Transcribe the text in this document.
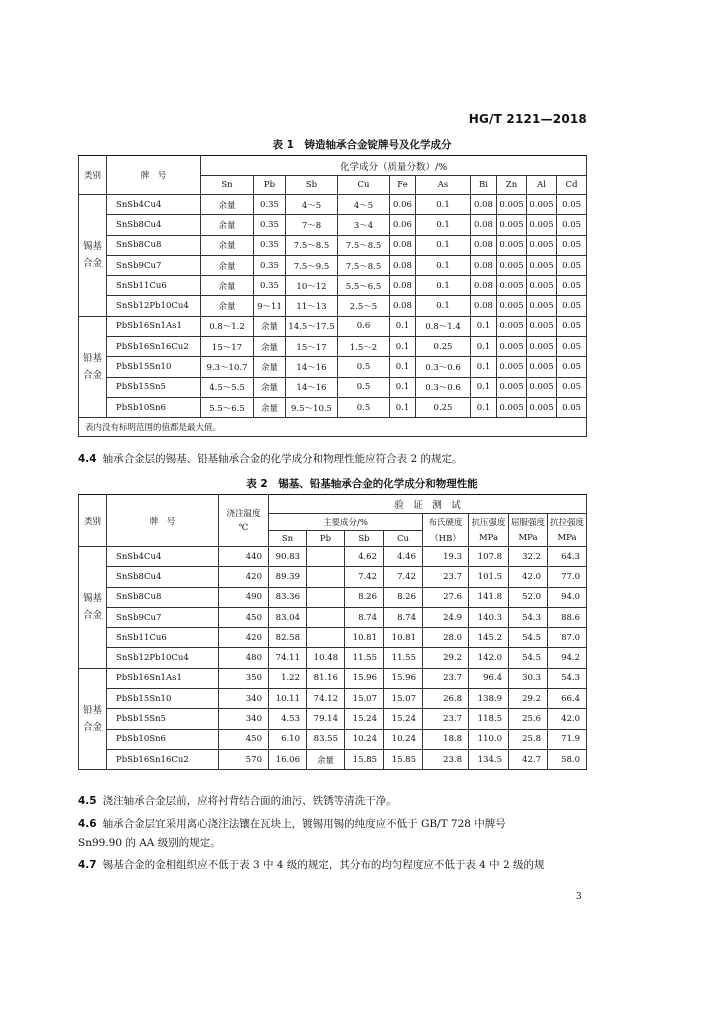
HG/T 2121—2018
表 1　铸造轴承合金锭牌号及化学成分
类别	牌　号	化学成分（质量分数）/%									
		Sn	Pb	Sb	Cu	Fe	As	Bi	Zn	Al	Cd
锡基
合金	SnSb4Cu4	余量	0.35	4～5	4～5	0.06	0.1	0.08	0.005	0.005	0.05
	SnSb8Cu4	余量	0.35	7～8	3～4	0.06	0.1	0.08	0.005	0.005	0.05
	SnSb8Cu8	余量	0.35	7.5～8.5	7.5～8.5	0.08	0.1	0.08	0.005	0.005	0.05
	SnSb9Cu7	余量	0.35	7.5～9.5	7.5～8.5	0.08	0.1	0.08	0.005	0.005	0.05
	SnSb11Cu6	余量	0.35	10～12	5.5～6.5	0.08	0.1	0.08	0.005	0.005	0.05
	SnSb12Pb10Cu4	余量	9～11	11～13	2.5～5	0.08	0.1	0.08	0.005	0.005	0.05
铅基
合金	PbSb16Sn1As1	0.8～1.2	余量	14.5～17.5	0.6	0.1	0.8～1.4	0.1	0.005	0.005	0.05
	PbSb16Sn16Cu2	15～17	余量	15～17	1.5～2	0.1	0.25	0.1	0.005	0.005	0.05
	PbSb15Sn10	9.3～10.7	余量	14～16	0.5	0.1	0.3～0.6	0.1	0.005	0.005	0.05
	PbSb15Sn5	4.5～5.5	余量	14～16	0.5	0.1	0.3～0.6	0.1	0.005	0.005	0.05
	PbSb10Sn6	5.5～6.5	余量	9.5～10.5	0.5	0.1	0.25	0.1	0.005	0.005	0.05
表内没有标明范围的值都是最大值。											
4.4 轴承合金层的锡基、铅基轴承合金的化学成分和物理性能应符合表 2 的规定。
表 2　锡基、铅基轴承合金的化学成分和物理性能
类别	牌　号	浇注温度
℃	验　证　测　试							
			主要成分/%				布氏硬度	抗压强度	屈服强度	抗拉强度
			Sn	Pb	Sb	Cu	（HB）	MPa	MPa	MPa
锡基
合金	SnSb4Cu4	440	90.83		4.62	4.46	19.3	107.8	32.2	64.3
	SnSb8Cu4	420	89.39		7.42	7.42	23.7	101.5	42.0	77.0
	SnSb8Cu8	490	83.36		8.26	8.26	27.6	141.8	52.0	94.0
	SnSb9Cu7	450	83.04		8.74	8.74	24.9	140.3	54.3	88.6
	SnSb11Cu6	420	82.58		10.81	10.81	28.0	145.2	54.5	87.0
	SnSb12Pb10Cu4	480	74.11	10.48	11.55	11.55	29.2	142.0	54.5	94.2
铅基
合金	PbSb16Sn1As1	350	1.22	81.16	15.96	15.96	23.7	96.4	30.3	54.3
	PbSb15Sn10	340	10.11	74.12	15.07	15.07	26.8	138.9	29.2	66.4
	PbSb15Sn5	340	4.53	79.14	15.24	15.24	23.7	118.5	25.6	42.0
	PbSb10Sn6	450	6.10	83.55	10.24	10.24	18.8	110.0	25.8	71.9
	PbSb16Sn16Cu2	570	16.06	余量	15.85	15.85	23.8	134.5	42.7	58.0
4.5 浇注轴承合金层前，应将衬背结合面的油污、铁锈等清洗干净。
4.6 轴承合金层宜采用离心浇注法镶在瓦块上，镀锡用锡的纯度应不低于 GB/T 728 中牌号
Sn99.90 的 AA 级别的规定。
4.7 锡基合金的金相组织应不低于表 3 中 4 级的规定，其分布的均匀程度应不低于表 4 中 2 级的规
3
